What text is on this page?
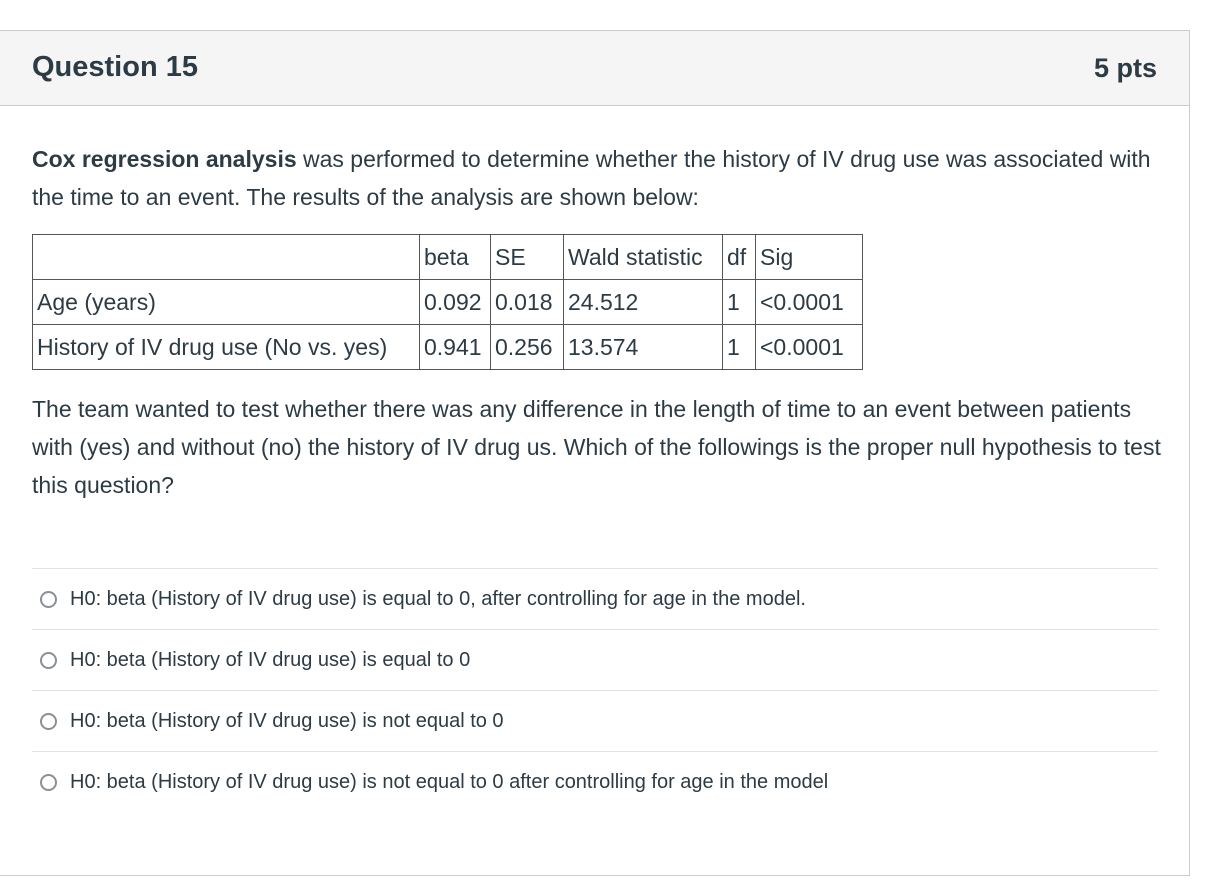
Question 15	5 pts

Cox regression analysis was performed to determine whether the history of IV drug use was associated with the time to an event. The results of the analysis are shown below:

	beta	SE	Wald statistic	df	Sig
Age (years)	0.092	0.018	24.512	1	<0.0001
History of IV drug use (No vs. yes)	0.941	0.256	13.574	1	<0.0001

The team wanted to test whether there was any difference in the length of time to an event between patients with (yes) and without (no) the history of IV drug us. Which of the followings is the proper null hypothesis to test this question?

H0: beta (History of IV drug use) is equal to 0, after controlling for age in the model.
H0: beta (History of IV drug use) is equal to 0
H0: beta (History of IV drug use) is not equal to 0
H0: beta (History of IV drug use) is not equal to 0 after controlling for age in the model
